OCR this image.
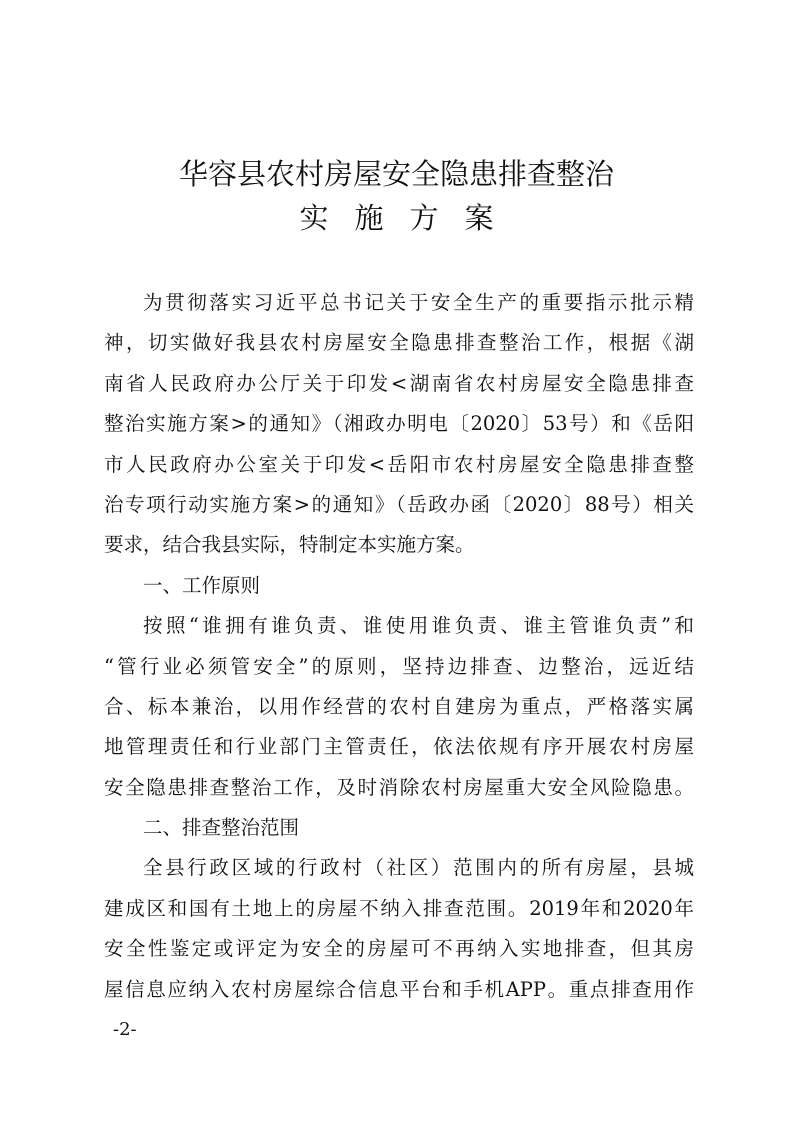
华容县农村房屋安全隐患排查整治
实施方案
为贯彻落实习近平总书记关于安全生产的重要指示批示精
神，切实做好我县农村房屋安全隐患排查整治工作，根据《湖
南省人民政府办公厅关于印发<湖南省农村房屋安全隐患排查
整治实施方案>的通知》（湘政办明电〔2020〕53号）和《岳阳
市人民政府办公室关于印发<岳阳市农村房屋安全隐患排查整
治专项行动实施方案>的通知》（岳政办函〔2020〕88号）相关
要求，结合我县实际，特制定本实施方案。
一、工作原则
按照“谁拥有谁负责、谁使用谁负责、谁主管谁负责”和
“管行业必须管安全”的原则，坚持边排查、边整治，远近结
合、标本兼治，以用作经营的农村自建房为重点，严格落实属
地管理责任和行业部门主管责任，依法依规有序开展农村房屋
安全隐患排查整治工作，及时消除农村房屋重大安全风险隐患。
二、排查整治范围
全县行政区域的行政村（社区）范围内的所有房屋，县城
建成区和国有土地上的房屋不纳入排查范围。2019年和2020年
安全性鉴定或评定为安全的房屋可不再纳入实地排查，但其房
屋信息应纳入农村房屋综合信息平台和手机APP。重点排查用作
-2-
